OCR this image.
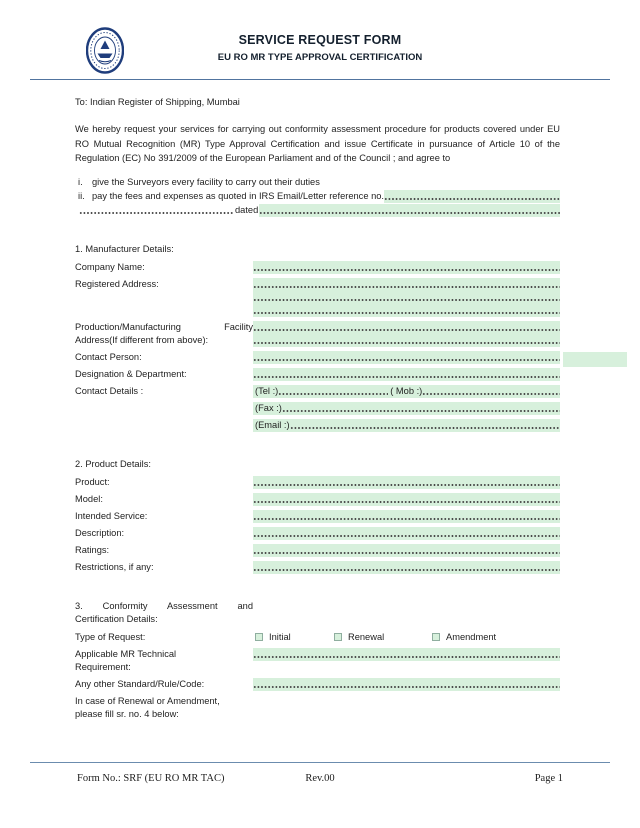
SERVICE REQUEST FORM
EU RO MR TYPE APPROVAL CERTIFICATION

To: Indian Register of Shipping, Mumbai

We hereby request your services for carrying out conformity assessment procedure for products covered under EU RO Mutual Recognition (MR) Type Approval Certification and issue Certificate in pursuance of Article 10 of the Regulation (EC) No 391/2009 of the European Parliament and of the Council ; and agree to

i.	give the Surveyors every facility to carry out their duties
ii. pay the fees and expenses as quoted in IRS Email/Letter reference no.
dated

1. Manufacturer Details:

Company Name:
Registered Address:
Production/Manufacturing Facility
Address(If different from above):
Contact Person:
Designation & Department:
Contact Details :	(Tel :)	( Mob :)
(Fax :)
(Email :)

2. Product Details:

Product:
Model:
Intended Service:
Description:
Ratings:
Restrictions, if any:
3. Conformity Assessment and
Certification Details:
Type of Request:	Initial	Renewal	Amendment
Applicable MR Technical
Requirement:
Any other Standard/Rule/Code:
In case of Renewal or Amendment,
please fill sr. no. 4 below:
Form No.: SRF (EU RO MR TAC)	Rev.00	Page 1
